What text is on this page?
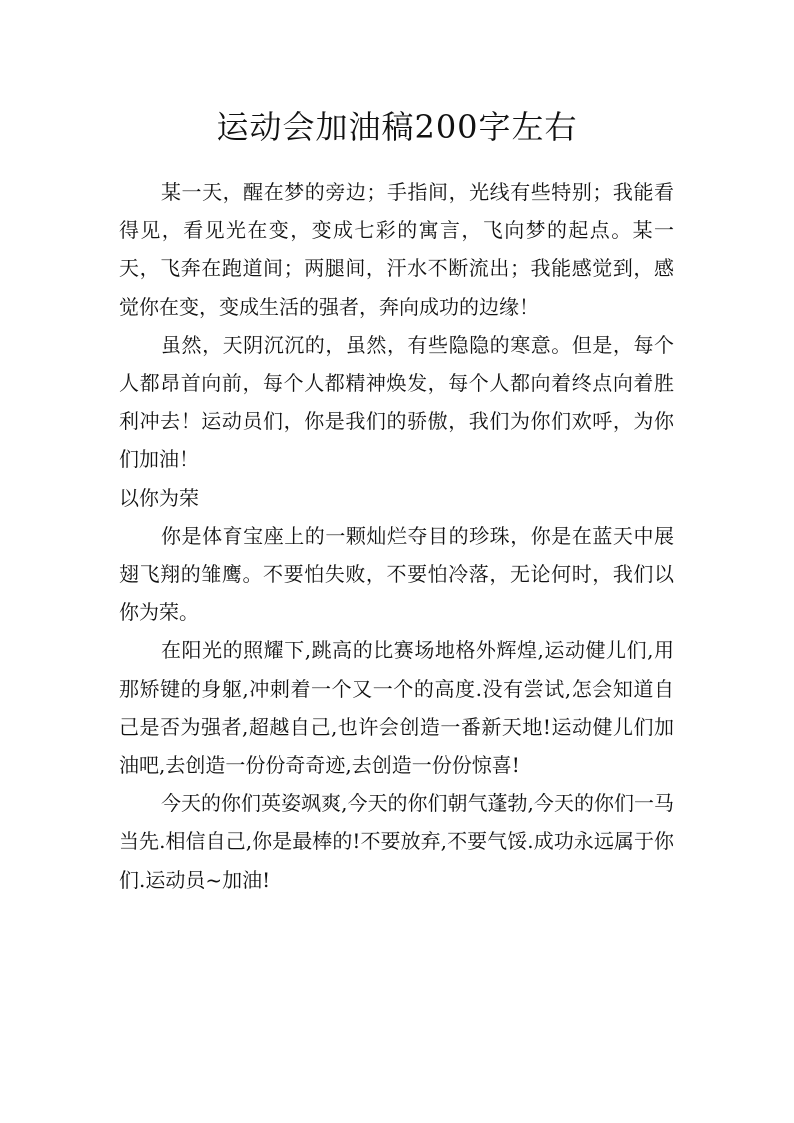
运动会加油稿200字左右

某一天，醒在梦的旁边；手指间，光线有些特别；我能看得见，看见光在变，变成七彩的寓言，飞向梦的起点。某一天，飞奔在跑道间；两腿间，汗水不断流出；我能感觉到，感觉你在变，变成生活的强者，奔向成功的边缘！

虽然，天阴沉沉的，虽然，有些隐隐的寒意。但是，每个人都昂首向前，每个人都精神焕发，每个人都向着终点向着胜利冲去！运动员们，你是我们的骄傲，我们为你们欢呼，为你们加油！

以你为荣

你是体育宝座上的一颗灿烂夺目的珍珠，你是在蓝天中展翅飞翔的雏鹰。不要怕失败，不要怕冷落，无论何时，我们以你为荣。

在阳光的照耀下,跳高的比赛场地格外辉煌,运动健儿们,用那矫键的身躯,冲刺着一个又一个的高度.没有尝试,怎会知道自己是否为强者,超越自己,也许会创造一番新天地!运动健儿们加油吧,去创造一份份奇奇迹,去创造一份份惊喜!

今天的你们英姿飒爽,今天的你们朝气蓬勃,今天的你们一马当先.相信自己,你是最棒的!不要放弃,不要气馁.成功永远属于你们.运动员~加油!
